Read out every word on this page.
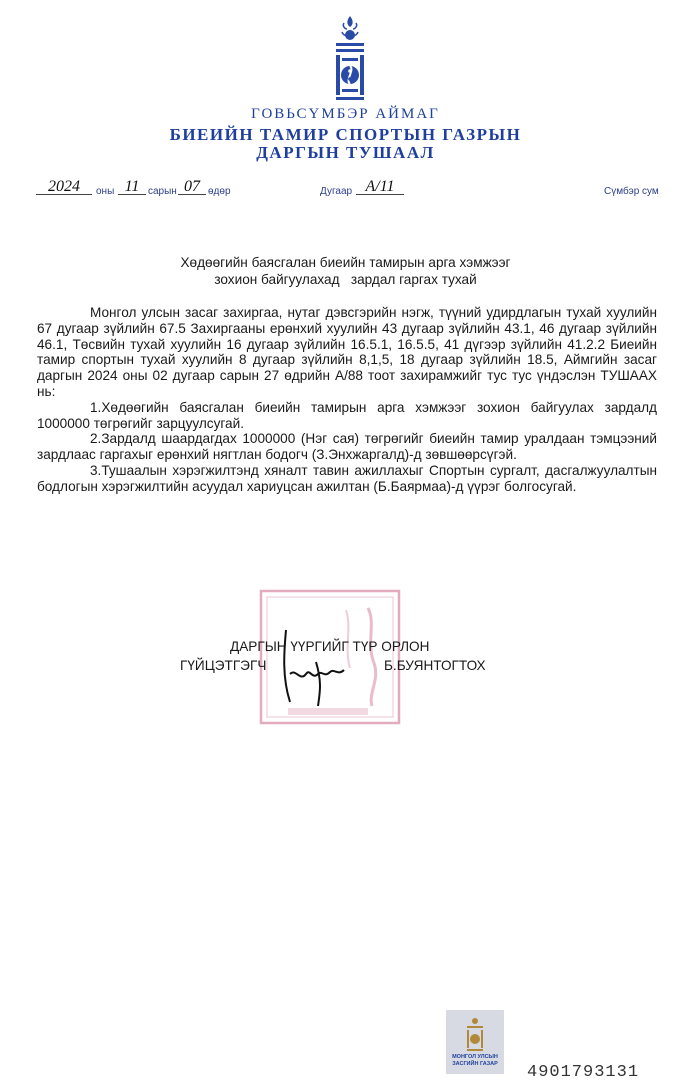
ГОВЬСҮМБЭР АЙМАГ
БИЕИЙН ТАМИР СПОРТЫН ГАЗРЫН
ДАРГЫН ТУШААЛ
2024	оны 11 сарын 07 өдөр	Дугаар А/11	Сүмбэр сум
Хөдөөгийн баясгалан биеийн тамирын арга хэмжээг
зохион байгуулахад   зардал гаргах тухай

Монгол улсын засаг захиргаа, нутаг дэвсгэрийн нэгж, түүний удирдлагын тухай хуулийн 67 дугаар зүйлийн 67.5 Захиргааны ерөнхий хуулийн 43 дугаар зүйлийн 43.1, 46 дугаар зүйлийн 46.1, Төсвийн тухай хуулийн 16 дугаар зүйлийн 16.5.1, 16.5.5, 41 дүгээр зүйлийн 41.2.2 Биеийн тамир спортын тухай хуулийн 8 дугаар зүйлийн 8,1,5, 18 дугаар зүйлийн 18.5, Аймгийн засаг даргын 2024 оны 02 дугаар сарын 27 өдрийн А/88 тоот захирамжийг тус тус үндэслэн ТУШААХ нь:

1.Хөдөөгийн баясгалан биеийн тамирын арга хэмжээг зохион байгуулах зардалд 1000000 төгрөгийг зарцуулсугай.

2.Зардалд шаардагдах 1000000 (Нэг сая) төгрөгийг биеийн тамир уралдаан тэмцээний зардлаас гаргахыг ерөнхий нягтлан бодогч (З.Энхжаргалд)-д зөвшөөрсүгэй.

3.Тушаалын хэрэгжилтэнд хяналт тавин ажиллахыг Спортын сургалт, дасгалжуулалтын бодлогын хэрэгжилтийн асуудал хариуцсан ажилтан (Б.Баярмаа)-д үүрэг болгосугай.

ДАРГЫН ҮҮРГИЙГ ТҮР ОРЛОН
ГҮЙЦЭТГЭГЧ	Б.БУЯНТОГТОХ
МОНГОЛ УЛСЫН
ЗАСГИЙН ГАЗАР	4901793131
